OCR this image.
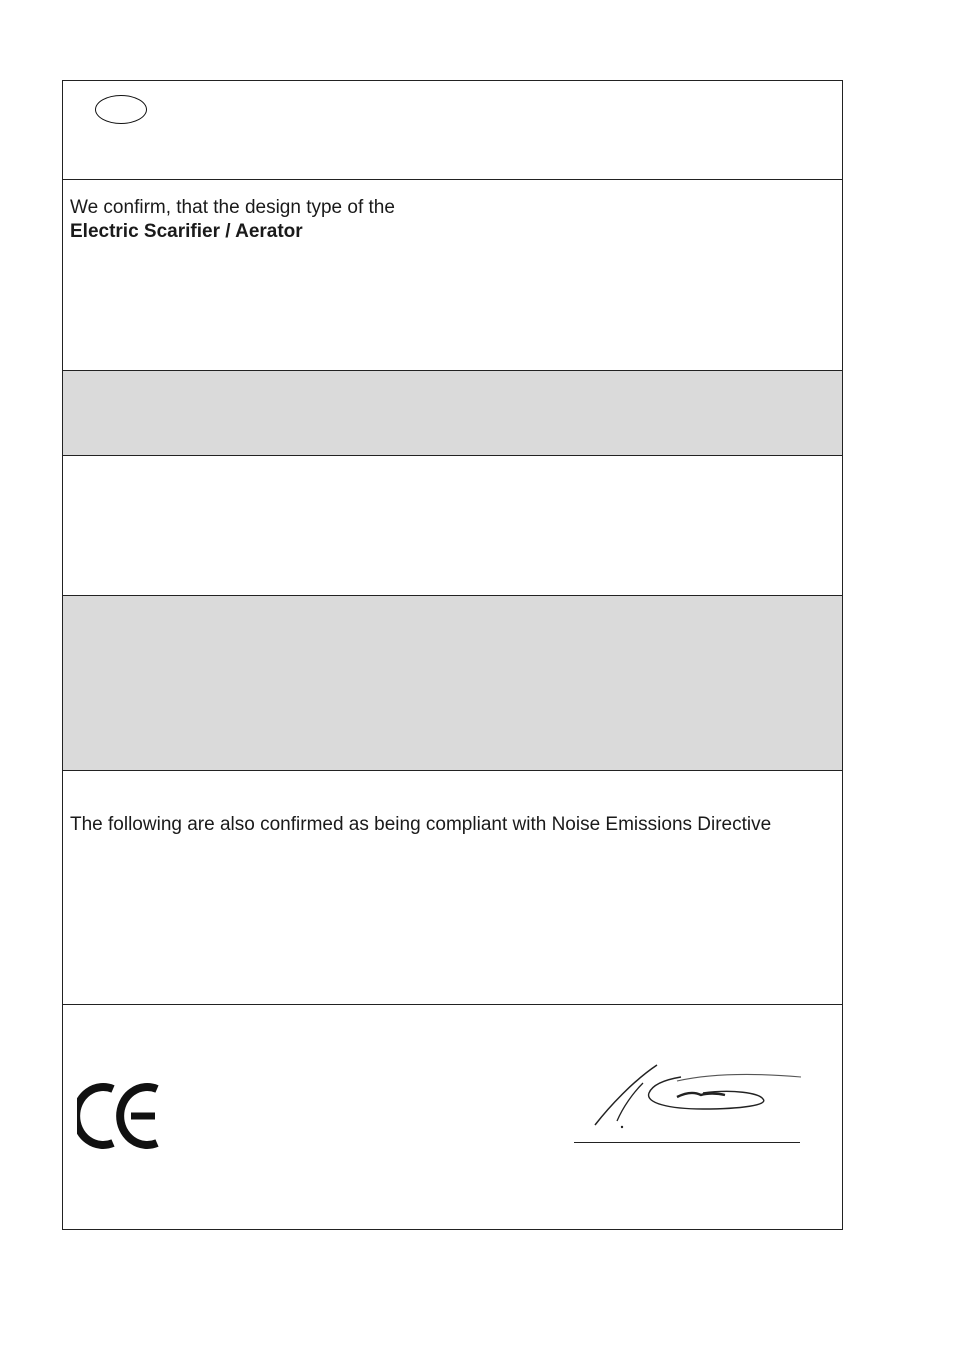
We confirm, that the design type of the
Electric Scarifier / Aerator
The following are also confirmed as being compliant with Noise Emissions Directive
